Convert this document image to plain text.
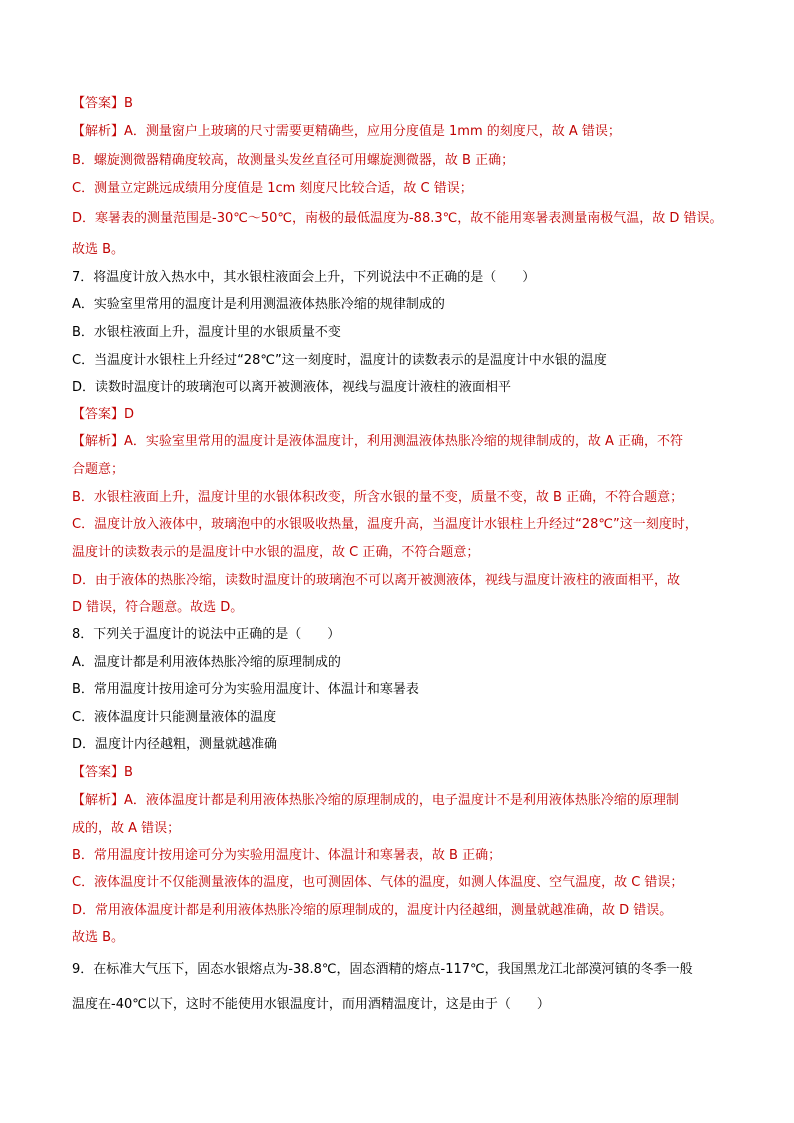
【答案】B
【解析】A．测量窗户上玻璃的尺寸需要更精确些，应用分度值是 1mm 的刻度尺，故 A 错误；
B．螺旋测微器精确度较高，故测量头发丝直径可用螺旋测微器，故 B 正确；
C．测量立定跳远成绩用分度值是 1cm 刻度尺比较合适，故 C 错误；
D．寒暑表的测量范围是-30℃～50℃，南极的最低温度为-88.3℃，故不能用寒暑表测量南极气温，故 D 错误。
故选 B。
7．将温度计放入热水中，其水银柱液面会上升，下列说法中不正确的是（　　）
A．实验室里常用的温度计是利用测温液体热胀冷缩的规律制成的
B．水银柱液面上升，温度计里的水银质量不变
C．当温度计水银柱上升经过“28℃”这一刻度时，温度计的读数表示的是温度计中水银的温度
D．读数时温度计的玻璃泡可以离开被测液体，视线与温度计液柱的液面相平
【答案】D
【解析】A．实验室里常用的温度计是液体温度计，利用测温液体热胀冷缩的规律制成的，故 A 正确，不符
合题意；
B．水银柱液面上升，温度计里的水银体积改变，所含水银的量不变，质量不变，故 B 正确，不符合题意；
C．温度计放入液体中，玻璃泡中的水银吸收热量，温度升高，当温度计水银柱上升经过“28℃”这一刻度时，
温度计的读数表示的是温度计中水银的温度，故 C 正确，不符合题意；
D．由于液体的热胀冷缩，读数时温度计的玻璃泡不可以离开被测液体，视线与温度计液柱的液面相平，故
D 错误，符合题意。故选 D。
8．下列关于温度计的说法中正确的是（　　）
A．温度计都是利用液体热胀冷缩的原理制成的
B．常用温度计按用途可分为实验用温度计、体温计和寒暑表
C．液体温度计只能测量液体的温度
D．温度计内径越粗，测量就越准确
【答案】B
【解析】A．液体温度计都是利用液体热胀冷缩的原理制成的，电子温度计不是利用液体热胀冷缩的原理制
成的，故 A 错误；
B．常用温度计按用途可分为实验用温度计、体温计和寒暑表，故 B 正确；
C．液体温度计不仅能测量液体的温度，也可测固体、气体的温度，如测人体温度、空气温度，故 C 错误；
D．常用液体温度计都是利用液体热胀冷缩的原理制成的，温度计内径越细，测量就越准确，故 D 错误。
故选 B。
9．在标准大气压下，固态水银熔点为-38.8℃，固态酒精的熔点-117℃，我国黑龙江北部漠河镇的冬季一般
温度在-40℃以下，这时不能使用水银温度计，而用酒精温度计，这是由于（　　）
